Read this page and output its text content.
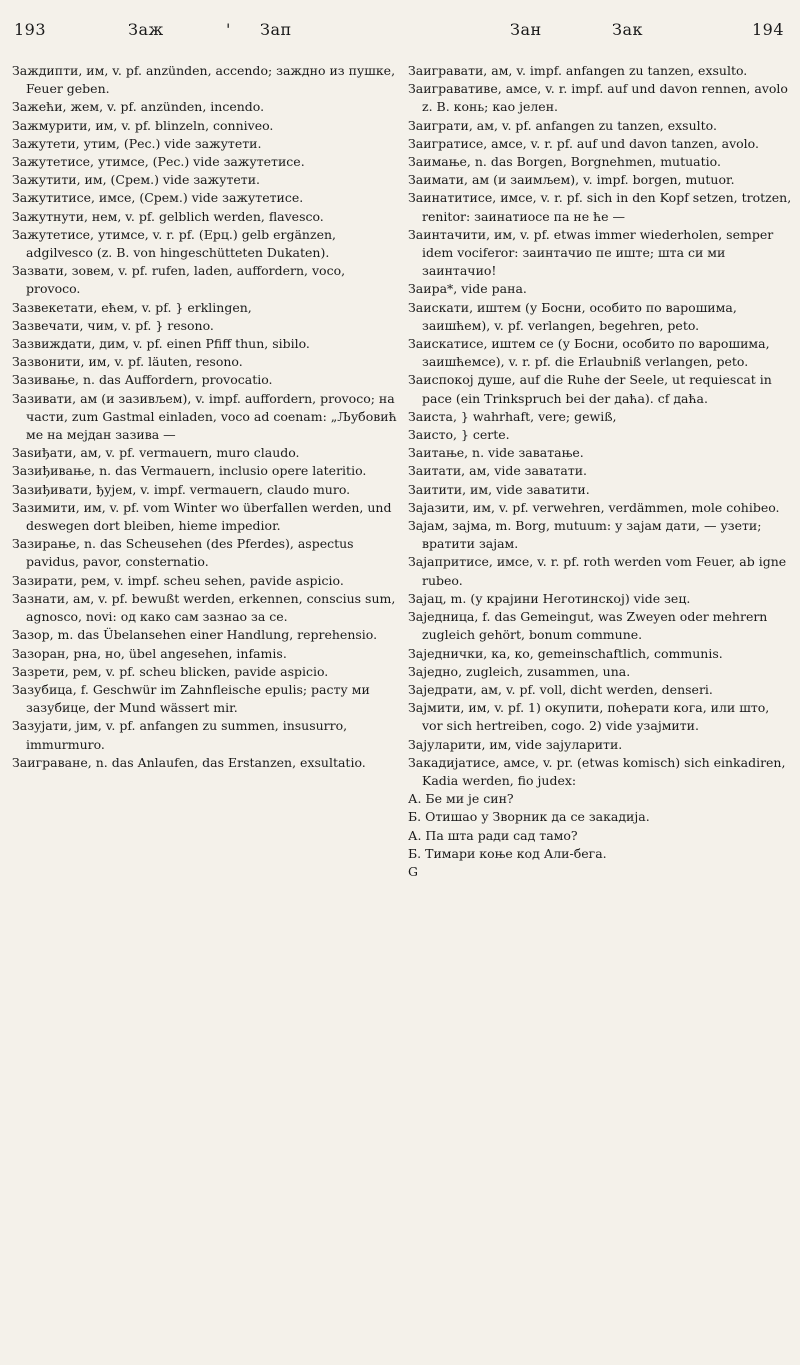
193	Заж	' Зап	Зан	Зак	194
Заждипти, им, v. pf. anzünden, accendo; заждно из пушке, Feuer geben.
Зажећи, жем, v. pf. anzünden, incendo.
Зажмурити, им, v. pf. blinzeln, conniveo.
Зажутети, утим, (Рес.) vide зажутети.
Зажутетисе, утимсе, (Рес.) vide зажутетисе.
Зажутити, им, (Срем.) vide зажутети.
Зажутитисе, имсе, (Срем.) vide зажутетисе.
Зажутнути, нем, v. pf. gelblich werden, flavesco.
Зажутетисе, утимсе, v. r. pf. (Ерц.) gelb ergänzen, adgilvesco (z. B. von hingeschütteten Dukaten).
Зазвати, зовем, v. pf. rufen, laden, auffordern, voco, provoco.
Зазвекетати, ећем, v. pf. } erklingen,
Зазвечати, чим, v. pf. } resono.
Зазвиждати, дим, v. pf. einen Pfiff thun, sibilo.
Зазвонити, им, v. pf. läuten, resono.
Зазивање, n. das Auffordern, provocatio.
Зазивати, ам (и зазивљем), v. impf. auffordern, provoco; на части, zum Gastmal einladen, voco ad coenam: „Љубовић ме на меjдан зазива —
Заѕиђати, ам, v. pf. vermauern, muro claudo.
Зазиђивање, n. das Vermauern, inclusio opere lateritio.
Зазиђивати, ђуjем, v. impf. vermauern, claudo muro.
Зазимити, им, v. pf. vom Winter wo überfallen werden, und deswegen dort bleiben, hieme impedior.
Зазирање, n. das Scheusehen (des Pferdes), aspectus pavidus, pavor, consternatio.
Зазирати, рем, v. impf. scheu sehen, pavide aspicio.
Зазнати, ам, v. pf. bewußt werden, erkennen, conscius sum, agnosco, novi: од како сам зазнао за се.
Зазор, m. das Übelansehen einer Handlung, reprehensio.
Зазоран, рна, но, übel angesehen, infamis.
Зазрети, рем, v. pf. scheu blicken, pavide aspicio.
Зазубица, f. Geschwür im Zahnfleische epulis; расту ми зазубице, der Mund wässert mir.
Зазуjати, jим, v. pf. anfangen zu summen, insusurro, immurmuro.
Заиграване, n. das Anlaufen, das Erstanzen, exsultatio.
Заигравати, ам, v. impf. anfangen zu tanzen, exsulto.
Заигравативе, амсе, v. r. impf. auf und davon rennen, avolo z. B. конь; као јелен.
Заиграти, ам, v. pf. anfangen zu tanzen, exsulto.
Заигратисе, амсе, v. r. pf. auf und davon tanzen, avolo.
Заимање, n. das Borgen, Borgnehmen, mutuatio.
Заимати, ам (и заимљем), v. impf. borgen, mutuor.
Заинатитисе, имсе, v. r. pf. sich in den Kopf setzen, trotzen, renitor: заинатиосе па не ће —
Заинтачити, им, v. pf. etwas immer wiederholen, semper idem vociferor: заинтачио пе иште; шта си ми заинтачио!
Заира*, vide рана.
Заискати, иштем (у Босни, особито по варошима, заишћем), v. pf. verlangen, begehren, peto.
Заискатисе, иштем се (у Босни, особито по варошима, заишћемсе), v. r. pf. die Erlaubniß verlangen, peto.
Заиспокој душе, auf die Ruhe der Seele, ut requiescat in pace (ein Trinkspruch bei der даћа). cf даћа.
Заиста, } wahrhaft, vere; gewiß,
Заисто, } certe.
Заитање, n. vide заватање.
Заитати, ам, vide заватати.
Заитити, им, vide заватити.
Заjазити, им, v. pf. verwehren, verdämmen, mole cohibeo.
Заjам, заjма, m. Borg, mutuum: у заjам дати, — узети; вратити заjам.
Заjапритисе, имсе, v. r. pf. roth werden vom Feuer, ab igne rubeo.
Заjац, m. (у краjини Неготинској) vide зец.
Заjедница, f. das Gemeingut, was Zweyen oder mehrern zugleich gehört, bonum commune.
Заjеднички, ка, ко, gemeinschaftlich, communis.
Заjедно, zugleich, zusammen, una.
Заjедрати, ам, v. pf. voll, dicht werden, denseri.
Заjмити, им, v. pf. 1) окупити, поћерати кога, или што, vor sich hertreiben, cogo. 2) vide узаjмити.
Заjуларити, им, vide заjуларити.
Закадиjатисе, амсе, v. pr. (etwas komisch) sich einkadiren, Kadia werden, fio judex:
А. Бе ми је син?
Б. Отишао у Зворник да се закадија.
А. Па шта ради сад тамо?
Б. Тимари коње код Али-бега.
G
